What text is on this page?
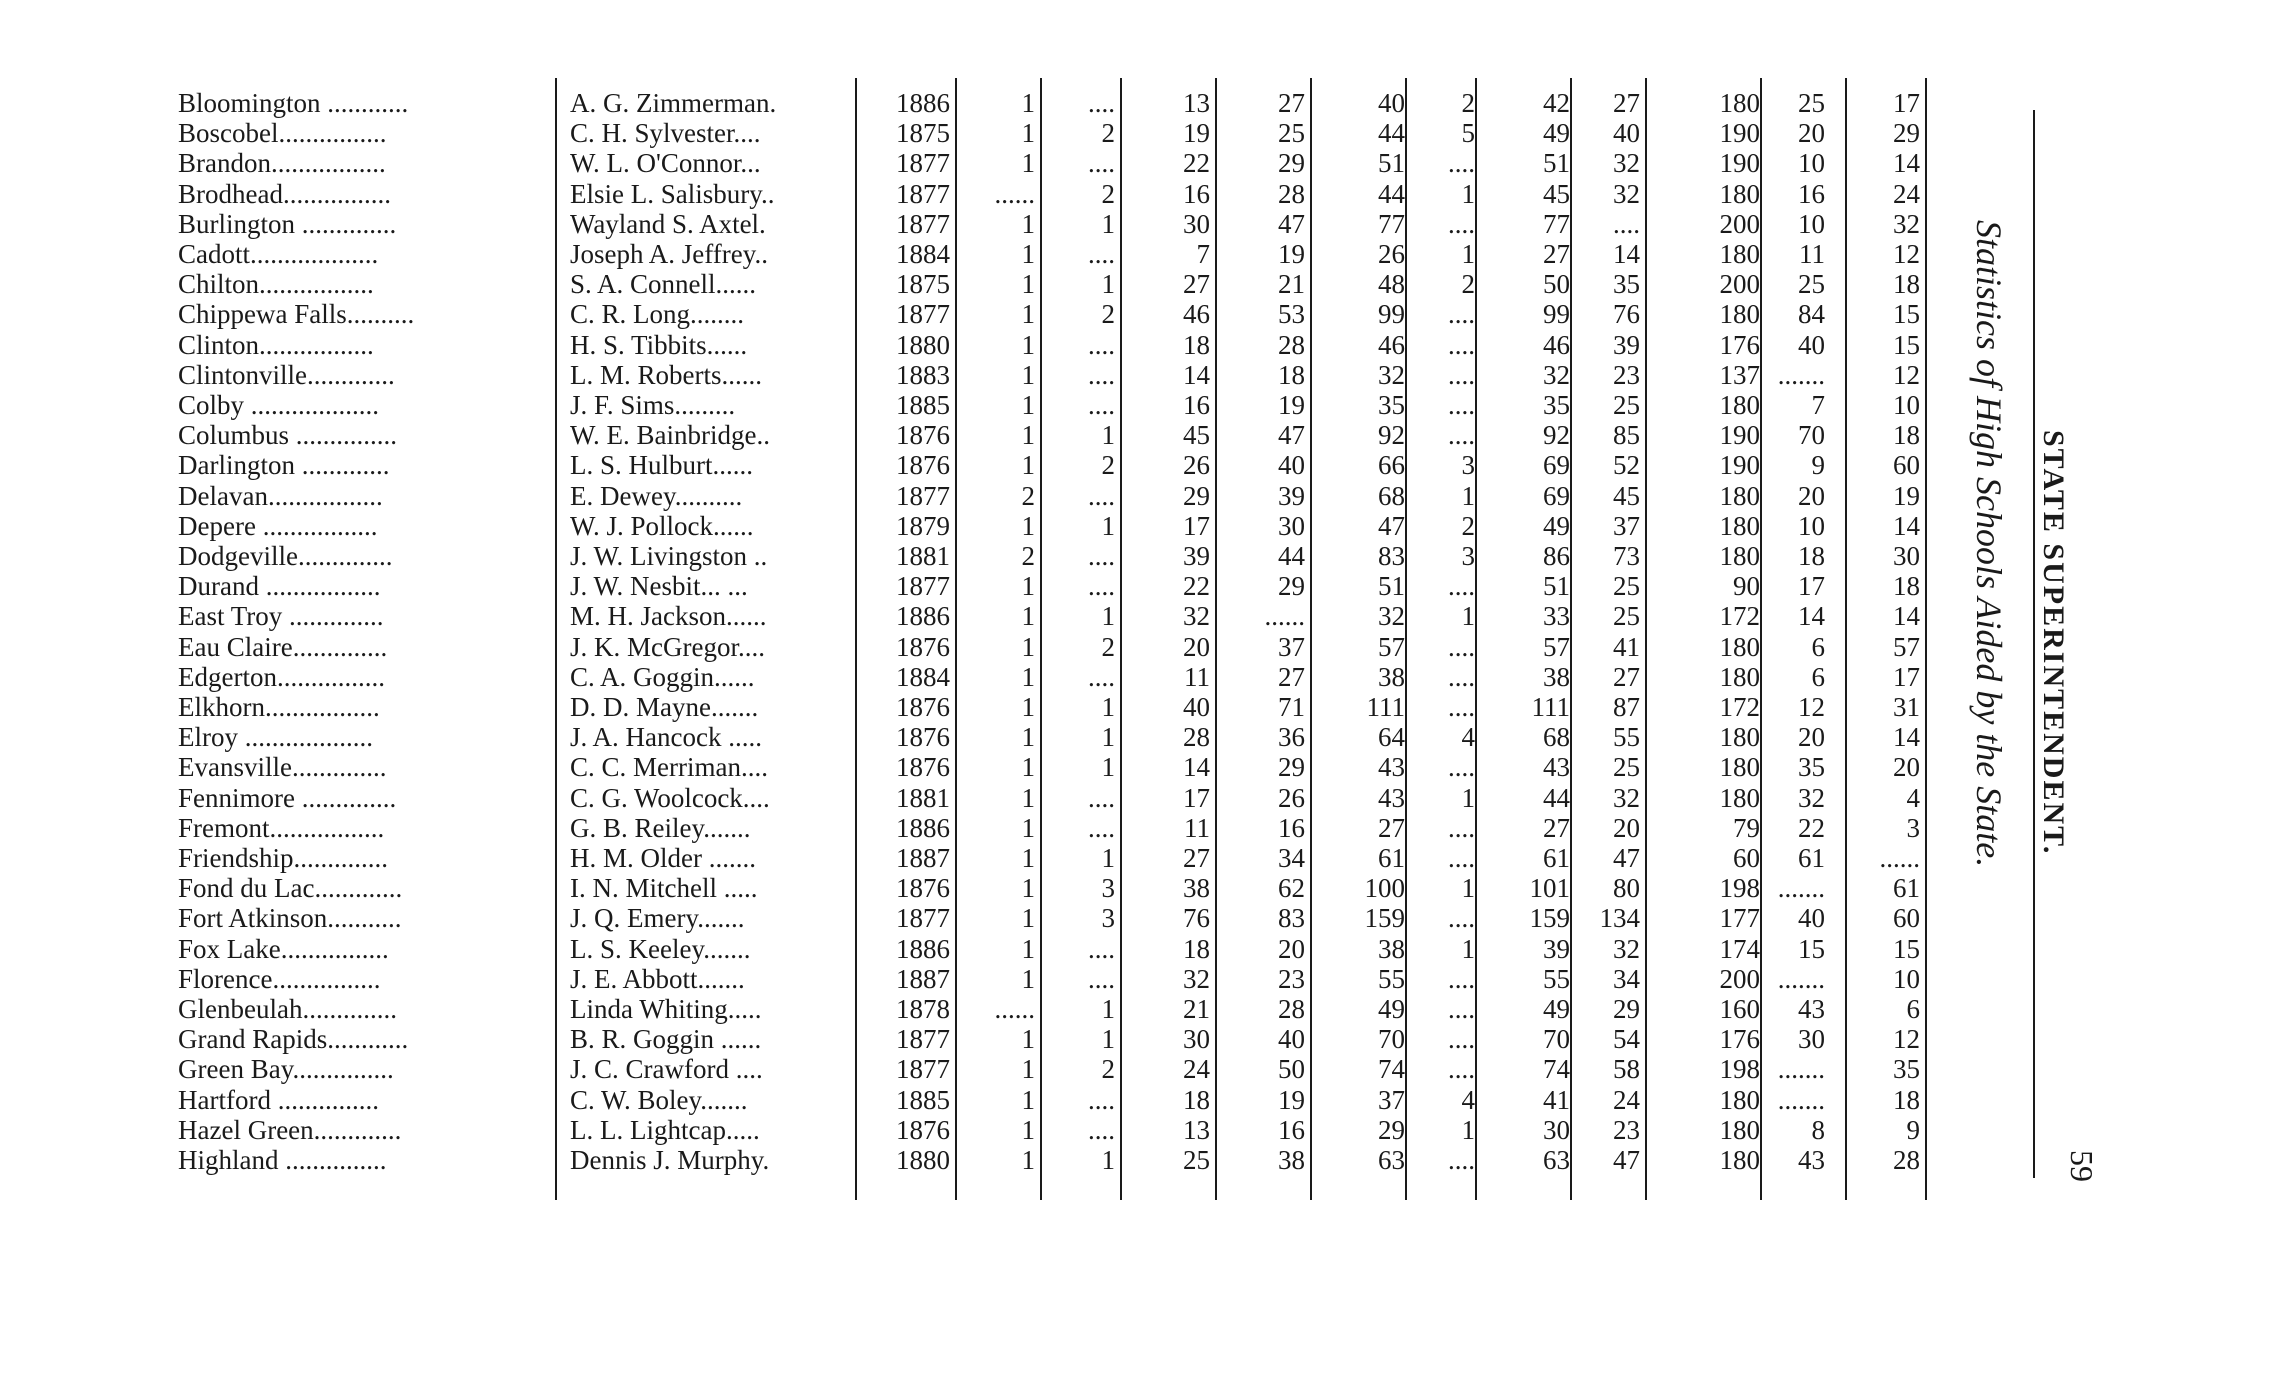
Bloomington ............	A. G. Zimmerman.	1886	1	....	13	27	40	2	42	27	180	25	17
Boscobel................	C. H. Sylvester....	1875	1	2	19	25	44	5	49	40	190	20	29
Brandon.................	W. L. O'Connor...	1877	1	....	22	29	51	....	51	32	190	10	14
Brodhead................	Elsie L. Salisbury..	1877	......	2	16	28	44	1	45	32	180	16	24
Burlington ..............	Wayland S. Axtel.	1877	1	1	30	47	77	....	77	....	200	10	32
Cadott...................	Joseph A. Jeffrey..	1884	1	....	7	19	26	1	27	14	180	11	12
Chilton.................	S. A. Connell......	1875	1	1	27	21	48	2	50	35	200	25	18
Chippewa Falls..........	C. R. Long........	1877	1	2	46	53	99	....	99	76	180	84	15
Clinton.................	H. S. Tibbits......	1880	1	....	18	28	46	....	46	39	176	40	15
Clintonville.............	L. M. Roberts......	1883	1	....	14	18	32	....	32	23	137 .......	12
Colby ...................	J. F. Sims.........	1885	1	....	16	19	35	....	35	25	180	7	10
Columbus ...............	W. E. Bainbridge..	1876	1	1	45	47	92	....	92	85	190	70	18
Darlington .............	L. S. Hulburt......	1876	1	2	26	40	66	3	69	52	190	9	60
Delavan.................	E. Dewey..........	1877	2	....	29	39	68	1	69	45	180	20	19
Depere .................	W. J. Pollock......	1879	1	1	17	30	47	2	49	37	180	10	14
Dodgeville..............	J. W. Livingston ..	1881	2	....	39	44	83	3	86	73	180	18	30
Durand .................	J. W. Nesbit... ...	1877	1	....	22	29	51	....	51	25	90	17	18
East Troy ..............	M. H. Jackson......	1886	1	1	32	......	32	1	33	25	172	14	14
Eau Claire..............	J. K. McGregor....	1876	1	2	20	37	57	....	57	41	180	6	57
Edgerton................	C. A. Goggin......	1884	1	....	11	27	38	....	38	27	180	6	17
Elkhorn.................	D. D. Mayne.......	1876	1	1	40	71	111	....	111	87	172	12	31
Elroy ...................	J. A. Hancock .....	1876	1	1	28	36	64	4	68	55	180	20	14
Evansville..............	C. C. Merriman....	1876	1	1	14	29	43	....	43	25	180	35	20
Fennimore ..............	C. G. Woolcock....	1881	1	....	17	26	43	1	44	32	180	32	4
Fremont.................	G. B. Reiley.......	1886	1	....	11	16	27	....	27	20	79	22	3
Friendship..............	H. M. Older .......	1887	1	1	27	34	61	....	61	47	60	61	......
Fond du Lac.............	I. N. Mitchell .....	1876	1	3	38	62	100	1	101	80	198 .......	61
Fort Atkinson...........	J. Q. Emery.......	1877	1	3	76	83	159	....	159	134	177	40	60
Fox Lake................	L. S. Keeley.......	1886	1	....	18	20	38	1	39	32	174	15	15
Florence................	J. E. Abbott.......	1887	1	....	32	23	55	....	55	34	200 .......	10
Glenbeulah..............	Linda Whiting.....	1878	......	1	21	28	49	....	49	29	160	43	6
Grand Rapids............	B. R. Goggin ......	1877	1	1	30	40	70	....	70	54	176	30	12
Green Bay...............	J. C. Crawford ....	1877	1	2	24	50	74	....	74	58	198 .......	35
Hartford ...............	C. W. Boley.......	1885	1	....	18	19	37	4	41	24	180 .......	18
Hazel Green.............	L. L. Lightcap.....	1876	1	....	13	16	29	1	30	23	180	8	9
Highland ...............	Dennis J. Murphy.	1880	1	1	25	38	63	....	63	47	180	43	28
STATE SUPERINTENDENT.
Statistics of High Schools Aided by the State.
59
